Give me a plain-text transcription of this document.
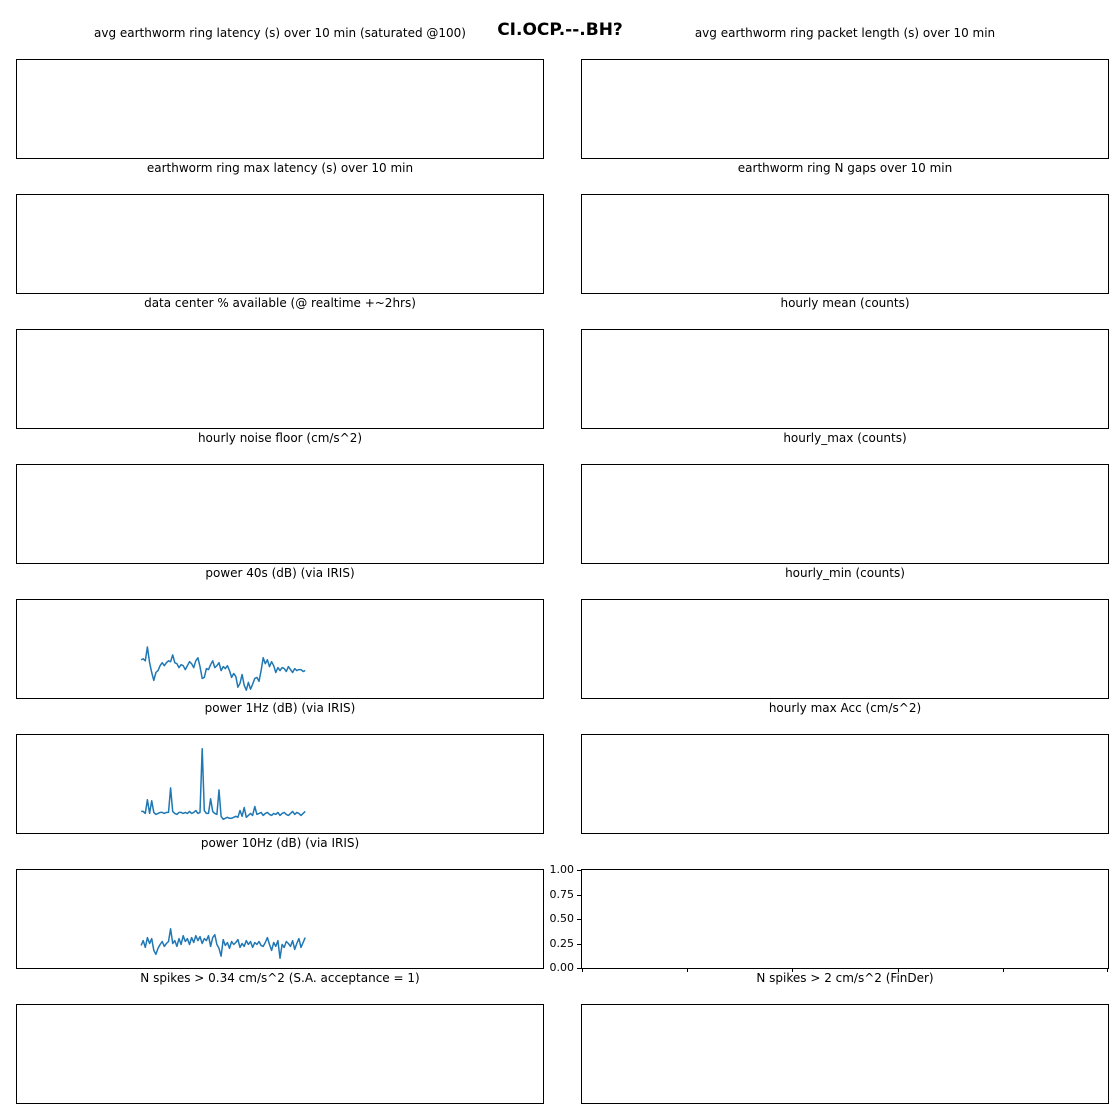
CI.OCP.--.BH?
avg earthworm ring latency (s) over 10 min (saturated @100)
earthworm ring max latency (s) over 10 min
data center % available (@ realtime +~2hrs)
hourly noise floor (cm/s^2)
power 40s (dB) (via IRIS)
power 1Hz (dB) (via IRIS)
power 10Hz (dB) (via IRIS)
N spikes > 0.34 cm/s^2 (S.A. acceptance = 1)
avg earthworm ring packet length (s) over 10 min
earthworm ring N gaps over 10 min
hourly mean (counts)
hourly_max (counts)
hourly_min (counts)
hourly max Acc (cm/s^2)
0.00
0.25
0.50
0.75
1.00
N spikes > 2 cm/s^2 (FinDer)
